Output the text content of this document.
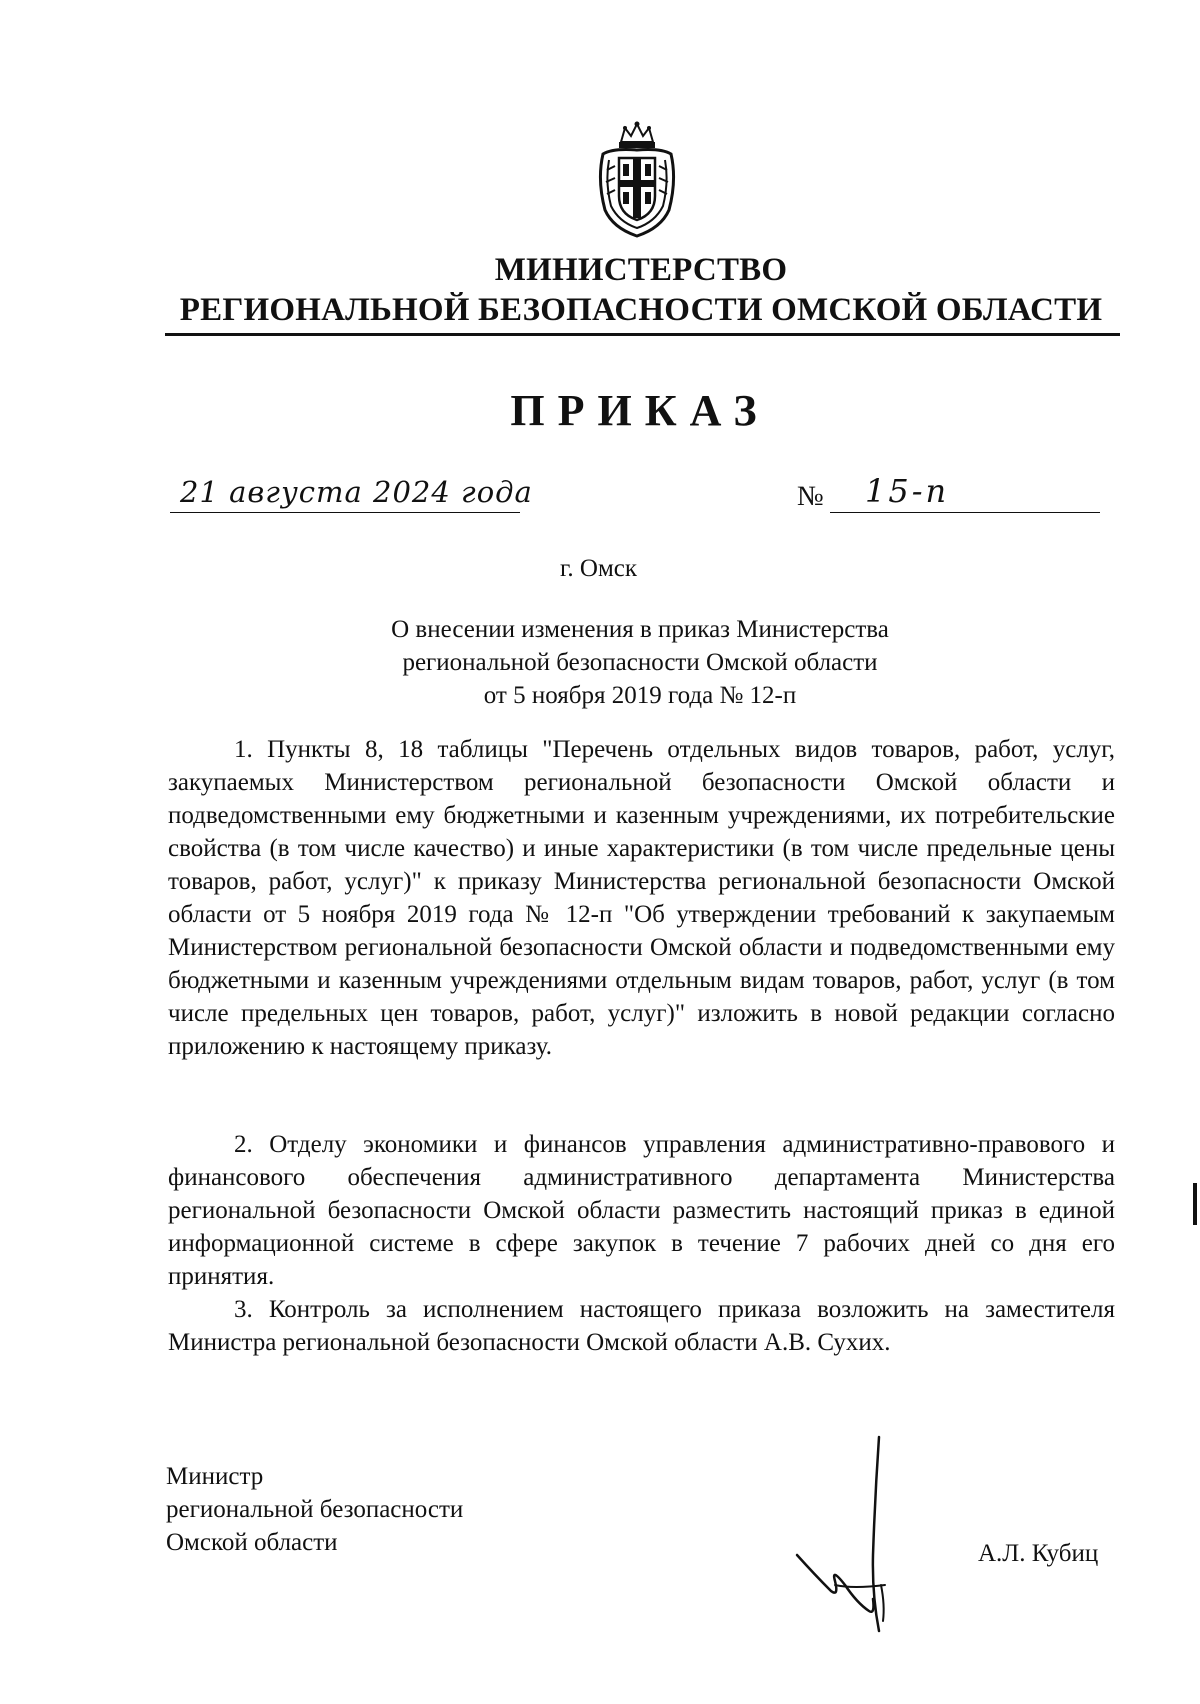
МИНИСТЕРСТВО
РЕГИОНАЛЬНОЙ БЕЗОПАСНОСТИ ОМСКОЙ ОБЛАСТИ
ПРИКАЗ
21 августа 2024 года	№ 15-п
г. Омск
О внесении изменения в приказ Министерства
региональной безопасности Омской области
от 5 ноября 2019 года № 12-п

1. Пункты 8, 18 таблицы "Перечень отдельных видов товаров, работ, услуг, закупаемых Министерством региональной безопасности Омской области и подведомственными ему бюджетными и казенным учреждениями, их потребительские свойства (в том числе качество) и иные характеристики (в том числе предельные цены товаров, работ, услуг)" к приказу Министерства региональной безопасности Омской области от 5 ноября 2019 года № 12-п "Об утверждении требований к закупаемым Министерством региональной безопасности Омской области и подведомственными ему бюджетными и казенным учреждениями отдельным видам товаров, работ, услуг (в том числе предельных цен товаров, работ, услуг)" изложить в новой редакции согласно приложению к настоящему приказу.

2. Отделу экономики и финансов управления административно-правового и финансового обеспечения административного департамента Министерства региональной безопасности Омской области разместить настоящий приказ в единой информационной системе в сфере закупок в течение 7 рабочих дней со дня его принятия.

3. Контроль за исполнением настоящего приказа возложить на заместителя Министра региональной безопасности Омской области А.В. Сухих.

Министр
региональной безопасности
Омской области	А.Л. Кубиц
